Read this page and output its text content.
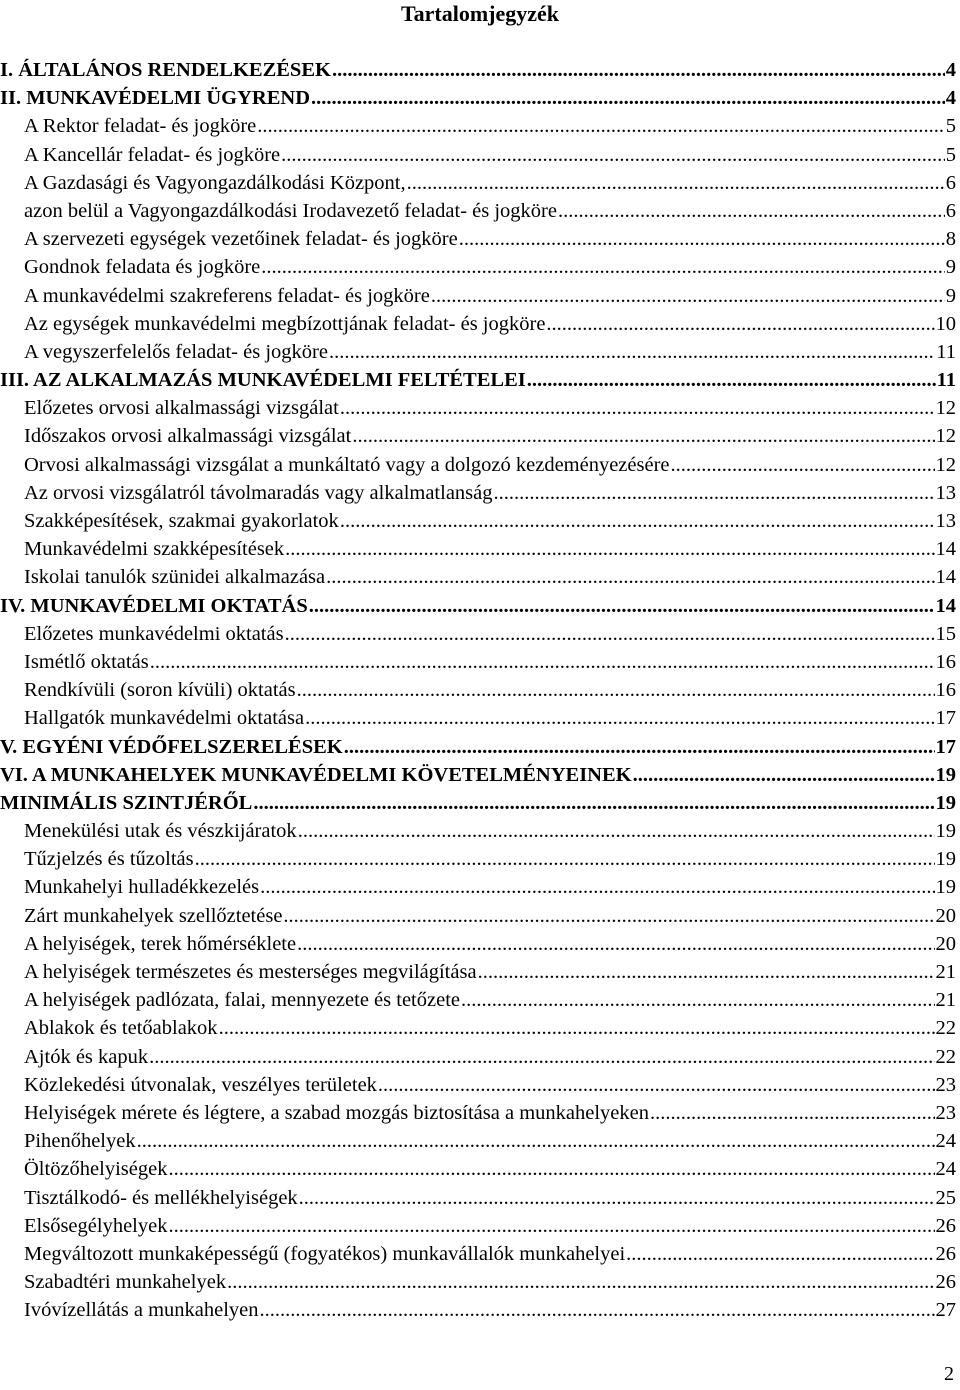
Tartalomjegyzék
I. ÁLTALÁNOS RENDELKEZÉSEK .....	4
II. MUNKAVÉDELMI ÜGYREND .....	4
A Rektor feladat- és jogköre .....	5
A Kancellár feladat- és jogköre .....	5
A Gazdasági és Vagyongazdálkodási Központ, .....	6
azon belül a Vagyongazdálkodási Irodavezető feladat- és jogköre .....	6
A szervezeti egységek vezetőinek feladat- és jogköre .....	8
Gondnok feladata és jogköre .....	9
A munkavédelmi szakreferens feladat- és jogköre .....	9
Az egységek munkavédelmi megbízottjának feladat- és jogköre .....	10
A vegyszerfelelős feladat- és jogköre .....	11
III. AZ ALKALMAZÁS MUNKAVÉDELMI FELTÉTELEI .....	11
Előzetes orvosi alkalmassági vizsgálat .....	12
Időszakos orvosi alkalmassági vizsgálat .....	12
Orvosi alkalmassági vizsgálat a munkáltató vagy a dolgozó kezdeményezésére .....	12
Az orvosi vizsgálatról távolmaradás vagy alkalmatlanság .....	13
Szakképesítések, szakmai gyakorlatok .....	13
Munkavédelmi szakképesítések .....	14
Iskolai tanulók szünidei alkalmazása .....	14
IV. MUNKAVÉDELMI OKTATÁS .....	14
Előzetes munkavédelmi oktatás .....	15
Ismétlő oktatás .....	16
Rendkívüli (soron kívüli) oktatás .....	16
Hallgatók munkavédelmi oktatása .....	17
V. EGYÉNI VÉDŐFELSZERELÉSEK .....	17
VI. A MUNKAHELYEK MUNKAVÉDELMI KÖVETELMÉNYEINEK .....	19
MINIMÁLIS SZINTJÉRŐL .....	19
Menekülési utak és vészkijáratok .....	19
Tűzjelzés és tűzoltás .....	19
Munkahelyi hulladékkezelés .....	19
Zárt munkahelyek szellőztetése .....	20
A helyiségek, terek hőmérséklete .....	20
A helyiségek természetes és mesterséges megvilágítása .....	21
A helyiségek padlózata, falai, mennyezete és tetőzete .....	21
Ablakok és tetőablakok .....	22
Ajtók és kapuk .....	22
Közlekedési útvonalak, veszélyes területek .....	23
Helyiségek mérete és légtere, a szabad mozgás biztosítása a munkahelyeken .....	23
Pihenőhelyek .....	24
Öltözőhelyiségek .....	24
Tisztálkodó- és mellékhelyiségek .....	25
Elsősegélyhelyek .....	26
Megváltozott munkaképességű (fogyatékos) munkavállalók munkahelyei .....	26
Szabadtéri munkahelyek .....	26
Ivóvízellátás a munkahelyen .....	27
2
